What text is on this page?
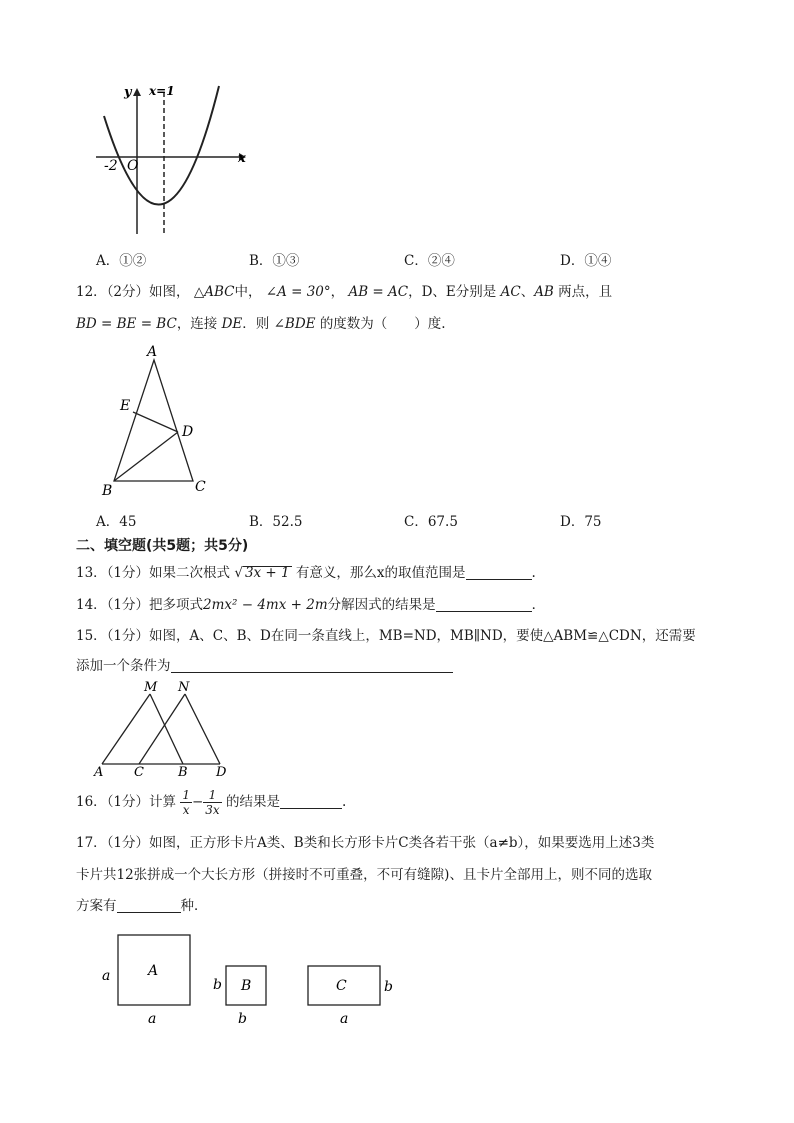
y x=1
x
-2 O
A．①②	B．①③	C．②④	D．①④
12．（2分）如图， △ABC中， ∠A = 30°， AB = AC，D、E分别是 AC、AB 两点，且
BD = BE = BC，连接 DE．则 ∠BDE 的度数为（　　）度.
A
E
D
B	C
A．45	B．52.5	C．67.5	D．75
二、填空题(共5题；共5分)
13．（1分）如果二次根式 √ 3x + 1 有意义，那么x的取值范围是	.
14．（1分）把多项式2mx² − 4mx + 2m分解因式的结果是	．
15．（1分）如图，A、C、B、D在同一条直线上，MB=ND，MB∥ND，要使△ABM≌△CDN，还需要
添加一个条件为
M N
A C	B D
16．（1分）计算 $\frac{1}{x} - \frac{1}{3x}$ 的结果是	.
17．（1分）如图，正方形卡片A类、B类和长方形卡片C类各若干张（a≠b），如果要选用上述3类
卡片共12张拼成一个大长方形（拼接时不可重叠，不可有缝隙)、且卡片全部用上，则不同的选取
方案有	种．
A
a
a
B
b
b
C	b
a
